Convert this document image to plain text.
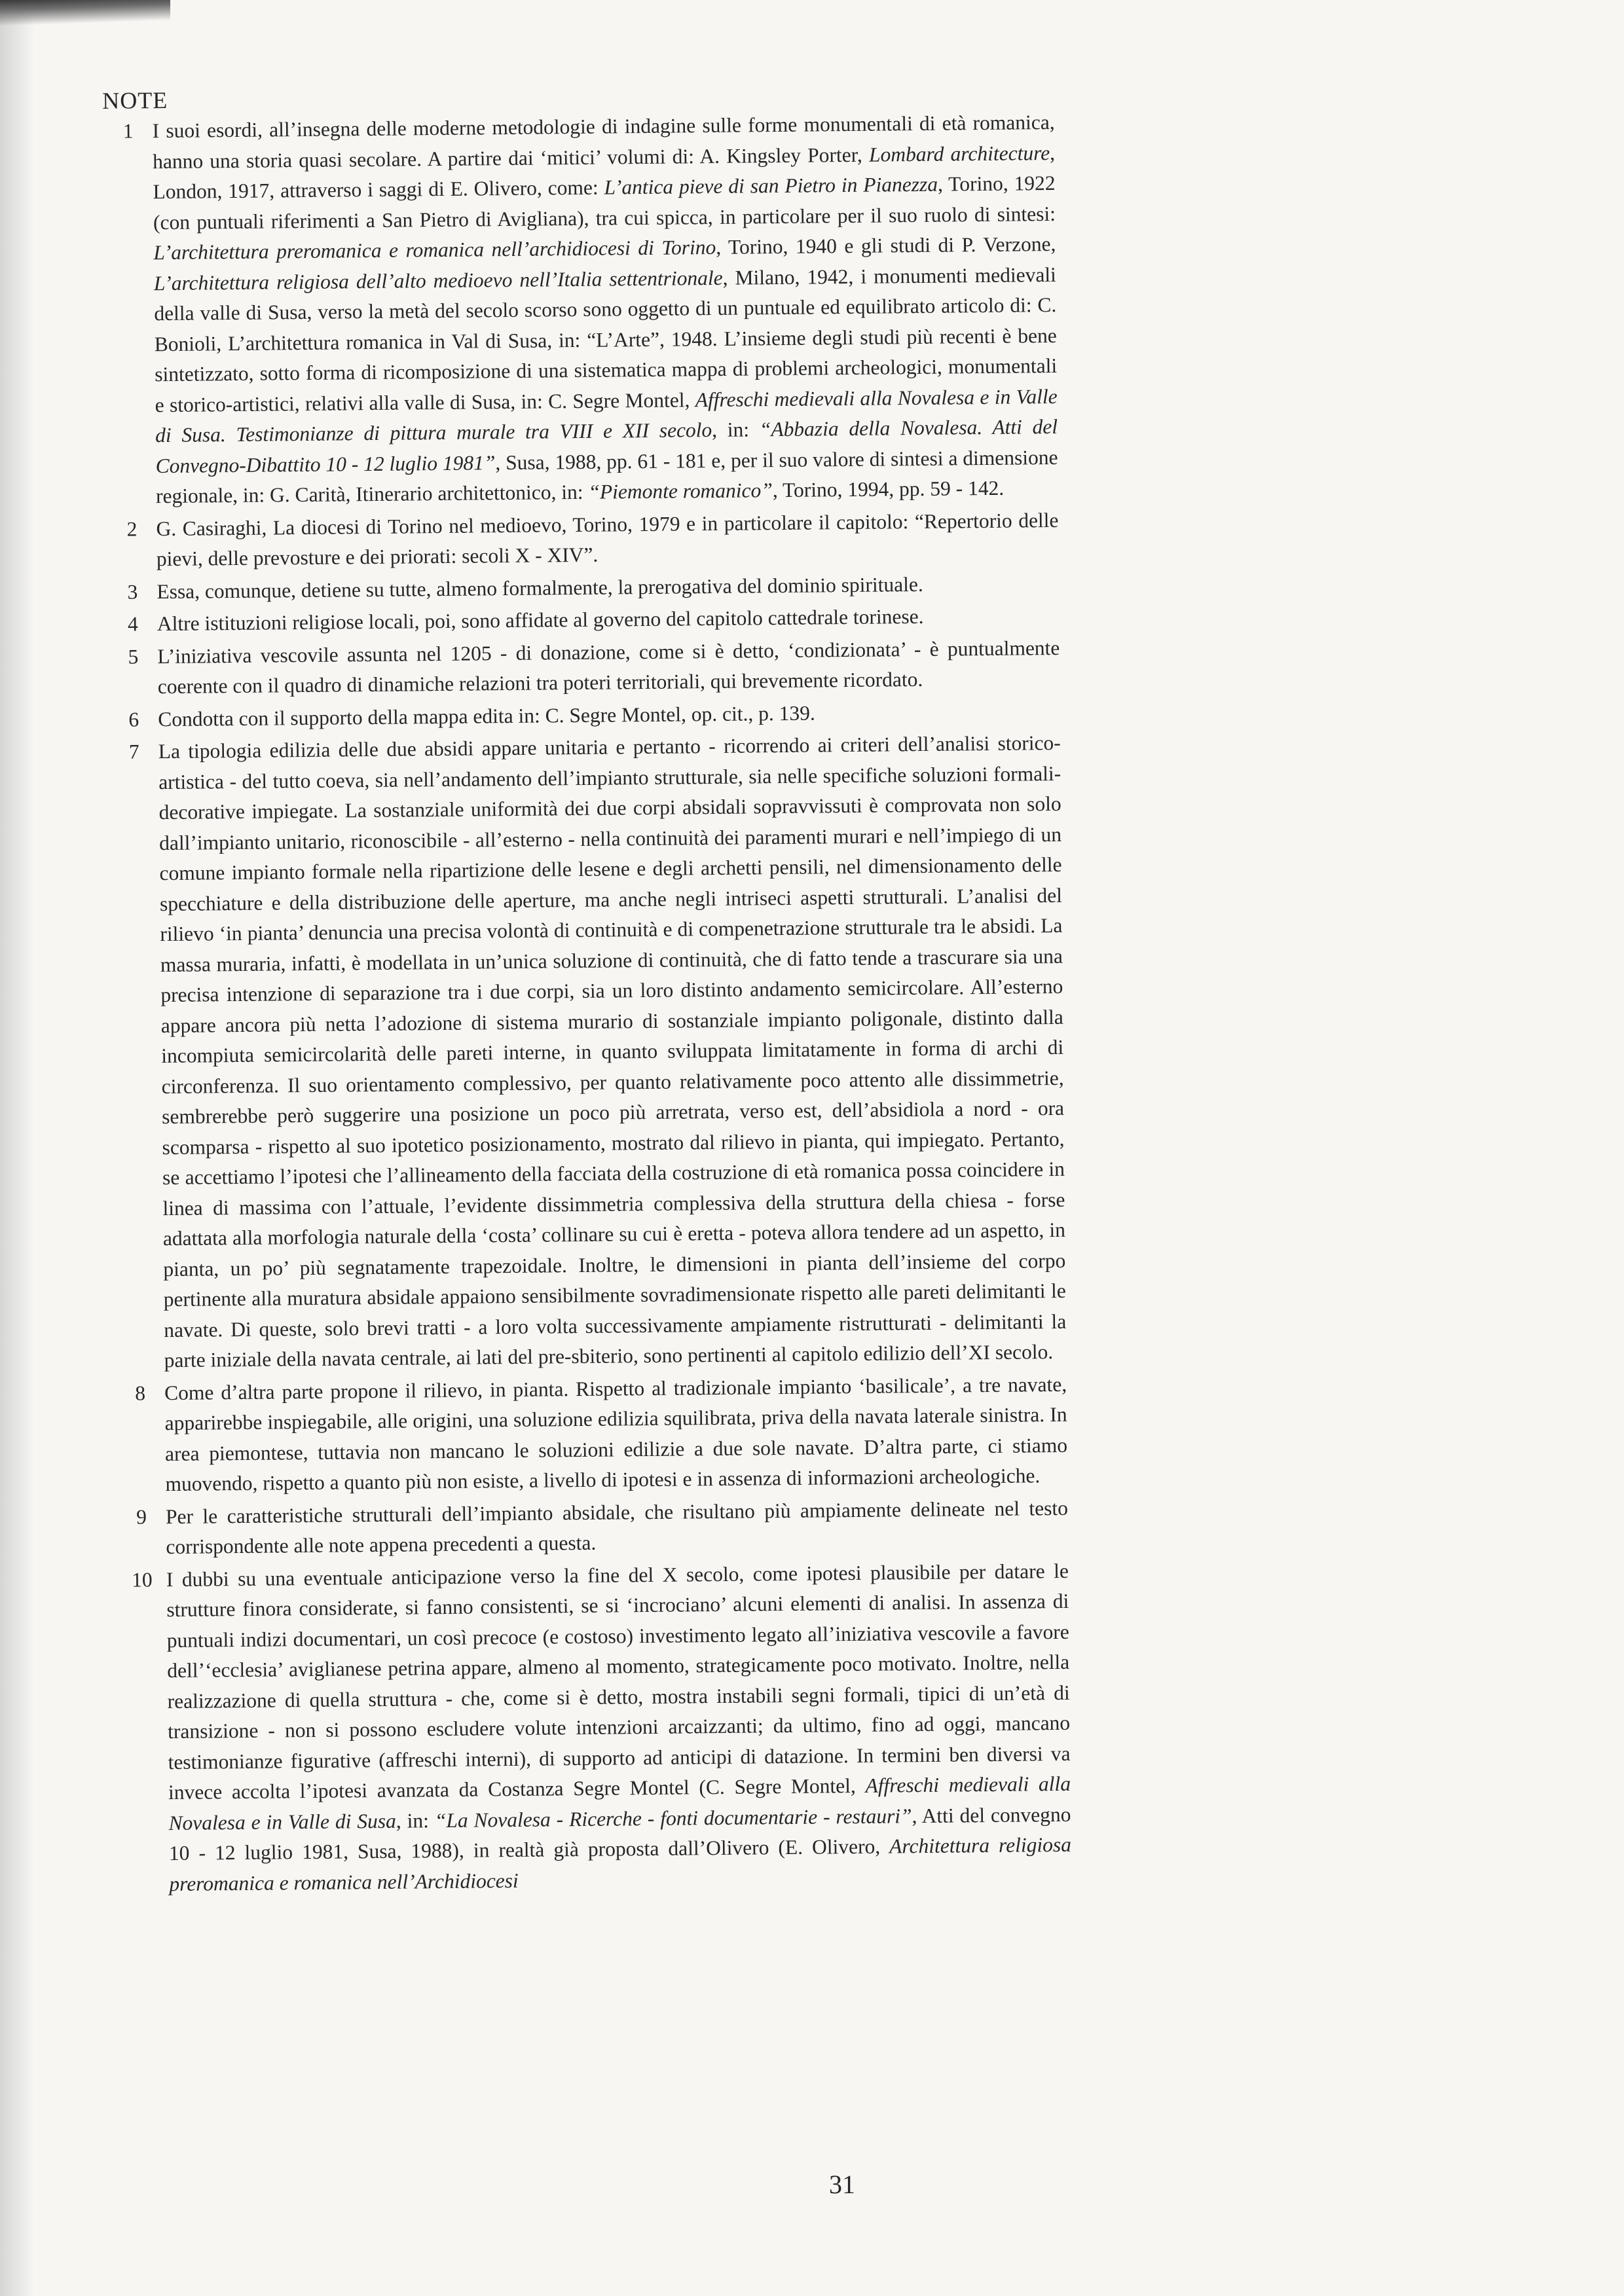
NOTE
1 I suoi esordi, all’insegna delle moderne metodologie di indagine sulle forme monumentali di età romanica, hanno una storia quasi secolare. A partire dai ‘mitici’ volumi di: A. Kingsley Porter, Lombard architecture, London, 1917, attraverso i saggi di E. Olivero, come: L’antica pieve di san Pietro in Pianezza, Torino, 1922 (con puntuali riferimenti a San Pietro di Avigliana), tra cui spicca, in particolare per il suo ruolo di sintesi: L’architettura preromanica e romanica nell’archidiocesi di Torino, Torino, 1940 e gli studi di P. Verzone, L’architettura religiosa dell’alto medioevo nell’Italia settentrionale, Milano, 1942, i monumenti medievali della valle di Susa, verso la metà del secolo scorso sono oggetto di un puntuale ed equilibrato articolo di: C. Bonioli, L’architettura romanica in Val di Susa, in: “L’Arte”, 1948. L’insieme degli studi più recenti è bene sintetizzato, sotto forma di ricomposizione di una sistematica mappa di problemi archeologici, monumentali e storico-artistici, relativi alla valle di Susa, in: C. Segre Montel, Affreschi medievali alla Novalesa e in Valle di Susa. Testimonianze di pittura murale tra VIII e XII secolo, in: “Abbazia della Novalesa. Atti del Convegno-Dibattito 10 - 12 luglio 1981”, Susa, 1988, pp. 61 - 181 e, per il suo valore di sintesi a dimensione regionale, in: G. Carità, Itinerario architettonico, in: “Piemonte romanico”, Torino, 1994, pp. 59 - 142.
2 G. Casiraghi, La diocesi di Torino nel medioevo, Torino, 1979 e in particolare il capitolo: “Repertorio delle pievi, delle prevosture e dei priorati: secoli X - XIV”.
3 Essa, comunque, detiene su tutte, almeno formalmente, la prerogativa del dominio spirituale.
4 Altre istituzioni religiose locali, poi, sono affidate al governo del capitolo cattedrale torinese.
5 L’iniziativa vescovile assunta nel 1205 - di donazione, come si è detto, ‘condizionata’ - è puntualmente coerente con il quadro di dinamiche relazioni tra poteri territoriali, qui brevemente ricordato.
6 Condotta con il supporto della mappa edita in: C. Segre Montel, op. cit., p. 139.
7 La tipologia edilizia delle due absidi appare unitaria e pertanto - ricorrendo ai criteri dell’analisi storico-artistica - del tutto coeva, sia nell’andamento dell’impianto strutturale, sia nelle specifiche soluzioni formali-decorative impiegate. La sostanziale uniformità dei due corpi absidali sopravvissuti è comprovata non solo dall’impianto unitario, riconoscibile - all’esterno - nella continuità dei paramenti murari e nell’impiego di un comune impianto formale nella ripartizione delle lesene e degli archetti pensili, nel dimensionamento delle specchiature e della distribuzione delle aperture, ma anche negli intriseci aspetti strutturali. L’analisi del rilievo ‘in pianta’ denuncia una precisa volontà di continuità e di compenetrazione strutturale tra le absidi. La massa muraria, infatti, è modellata in un’unica soluzione di continuità, che di fatto tende a trascurare sia una precisa intenzione di separazione tra i due corpi, sia un loro distinto andamento semicircolare. All’esterno appare ancora più netta l’adozione di sistema murario di sostanziale impianto poligonale, distinto dalla incompiuta semicircolarità delle pareti interne, in quanto sviluppata limitatamente in forma di archi di circonferenza. Il suo orientamento complessivo, per quanto relativamente poco attento alle dissimmetrie, sembrerebbe però suggerire una posizione un poco più arretrata, verso est, dell’absidiola a nord - ora scomparsa - rispetto al suo ipotetico posizionamento, mostrato dal rilievo in pianta, qui impiegato. Pertanto, se accettiamo l’ipotesi che l’allineamento della facciata della costruzione di età romanica possa coincidere in linea di massima con l’attuale, l’evidente dissimmetria complessiva della struttura della chiesa - forse adattata alla morfologia naturale della ‘costa’ collinare su cui è eretta - poteva allora tendere ad un aspetto, in pianta, un po’ più segnatamente trapezoidale. Inoltre, le dimensioni in pianta dell’insieme del corpo pertinente alla muratura absidale appaiono sensibilmente sovradimensionate rispetto alle pareti delimitanti le navate. Di queste, solo brevi tratti - a loro volta successivamente ampiamente ristrutturati - delimitanti la parte iniziale della navata centrale, ai lati del pre-sbiterio, sono pertinenti al capitolo edilizio dell’XI secolo.
8 Come d’altra parte propone il rilievo, in pianta. Rispetto al tradizionale impianto ‘basilicale’, a tre navate, apparirebbe inspiegabile, alle origini, una soluzione edilizia squilibrata, priva della navata laterale sinistra. In area piemontese, tuttavia non mancano le soluzioni edilizie a due sole navate. D’altra parte, ci stiamo muovendo, rispetto a quanto più non esiste, a livello di ipotesi e in assenza di informazioni archeologiche.
9 Per le caratteristiche strutturali dell’impianto absidale, che risultano più ampiamente delineate nel testo corrispondente alle note appena precedenti a questa.
10 I dubbi su una eventuale anticipazione verso la fine del X secolo, come ipotesi plausibile per datare le strutture finora considerate, si fanno consistenti, se si ‘incrociano’ alcuni elementi di analisi. In assenza di puntuali indizi documentari, un così precoce (e costoso) investimento legato all’iniziativa vescovile a favore dell’‘ecclesia’ aviglianese petrina appare, almeno al momento, strategicamente poco motivato. Inoltre, nella realizzazione di quella struttura - che, come si è detto, mostra instabili segni formali, tipici di un’età di transizione - non si possono escludere volute intenzioni arcaizzanti; da ultimo, fino ad oggi, mancano testimonianze figurative (affreschi interni), di supporto ad anticipi di datazione. In termini ben diversi va invece accolta l’ipotesi avanzata da Costanza Segre Montel (C. Segre Montel, Affreschi medievali alla Novalesa e in Valle di Susa, in: “La Novalesa - Ricerche - fonti documentarie - restauri”, Atti del convegno 10 - 12 luglio 1981, Susa, 1988), in realtà già proposta dall’Olivero (E. Olivero, Architettura religiosa preromanica e romanica nell’Archidiocesi
31
